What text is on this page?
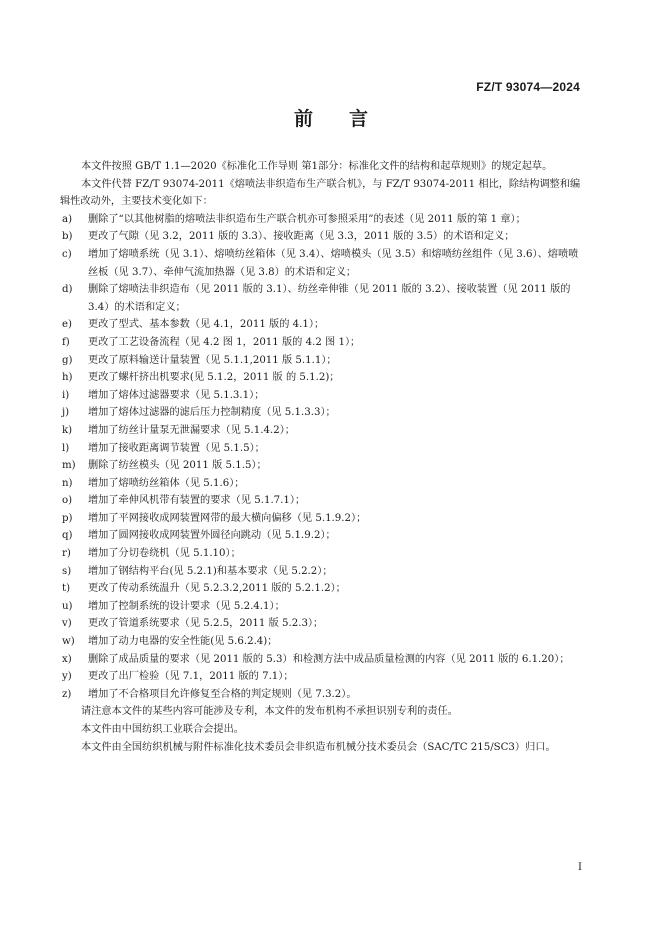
FZ/T 93074—2024
前言

本文件按照 GB/T 1.1—2020《标准化工作导则 第1部分：标准化文件的结构和起草规则》的规定起草。

本文件代替 FZ/T 93074-2011《熔喷法非织造布生产联合机》，与 FZ/T 93074-2011 相比，除结构调整和编辑性改动外，主要技术变化如下：

a)	删除了“以其他树脂的熔喷法非织造布生产联合机亦可参照采用”的表述（见 2011 版的第 1 章）；
b)	更改了气隙（见 3.2，2011 版的 3.3）、接收距离（见 3.3，2011 版的 3.5）的术语和定义；
c)	增加了熔喷系统（见 3.1）、熔喷纺丝箱体（见 3.4）、熔喷模头（见 3.5）和熔喷纺丝组件（见 3.6）、熔喷喷丝板（见 3.7）、牵伸气流加热器（见 3.8）的术语和定义；
d)	删除了熔喷法非织造布（见 2011 版的 3.1）、纺丝牵伸锥（见 2011 版的 3.2）、接收装置（见 2011 版的 3.4）的术语和定义；
e)	更改了型式、基本参数（见 4.1，2011 版的 4.1）；
f)	更改了工艺设备流程（见 4.2 图 1，2011 版的 4.2 图 1）；
g)	更改了原料输送计量装置（见 5.1.1,2011 版 5.1.1）；
h)	更改了螺杆挤出机要求(见 5.1.2，2011 版 的 5.1.2)；
i)	增加了熔体过滤器要求（见 5.1.3.1）；
j)	增加了熔体过滤器的滤后压力控制精度（见 5.1.3.3）；
k)	增加了纺丝计量泵无泄漏要求（见 5.1.4.2）；
l)	增加了接收距离调节装置（见 5.1.5）；
m)	删除了纺丝模头（见 2011 版 5.1.5）；
n)	增加了熔喷纺丝箱体（见 5.1.6）；
o)	增加了牵伸风机带有装置的要求（见 5.1.7.1）；
p)	增加了平网接收成网装置网带的最大横向偏移（见 5.1.9.2）；
q)	增加了圆网接收成网装置外圆径向跳动（见 5.1.9.2）；
r)	增加了分切卷绕机（见 5.1.10）；
s)	增加了钢结构平台(见 5.2.1)和基本要求（见 5.2.2）；
t)	更改了传动系统温升（见 5.2.3.2,2011 版的 5.2.1.2）；
u)	增加了控制系统的设计要求（见 5.2.4.1）；
v)	更改了管道系统要求（见 5.2.5，2011 版 5.2.3）；
w)	增加了动力电器的安全性能(见 5.6.2.4)；
x)	删除了成品质量的要求（见 2011 版的 5.3）和检测方法中成品质量检测的内容（见 2011 版的 6.1.20）；
y)	更改了出厂检验（见 7.1，2011 版的 7.1）；
z)	增加了不合格项目允许修复至合格的判定规则（见 7.3.2）。

请注意本文件的某些内容可能涉及专利，本文件的发布机构不承担识别专利的责任。

本文件由中国纺织工业联合会提出。

本文件由全国纺织机械与附件标准化技术委员会非织造布机械分技术委员会（SAC/TC 215/SC3）归口。

I
